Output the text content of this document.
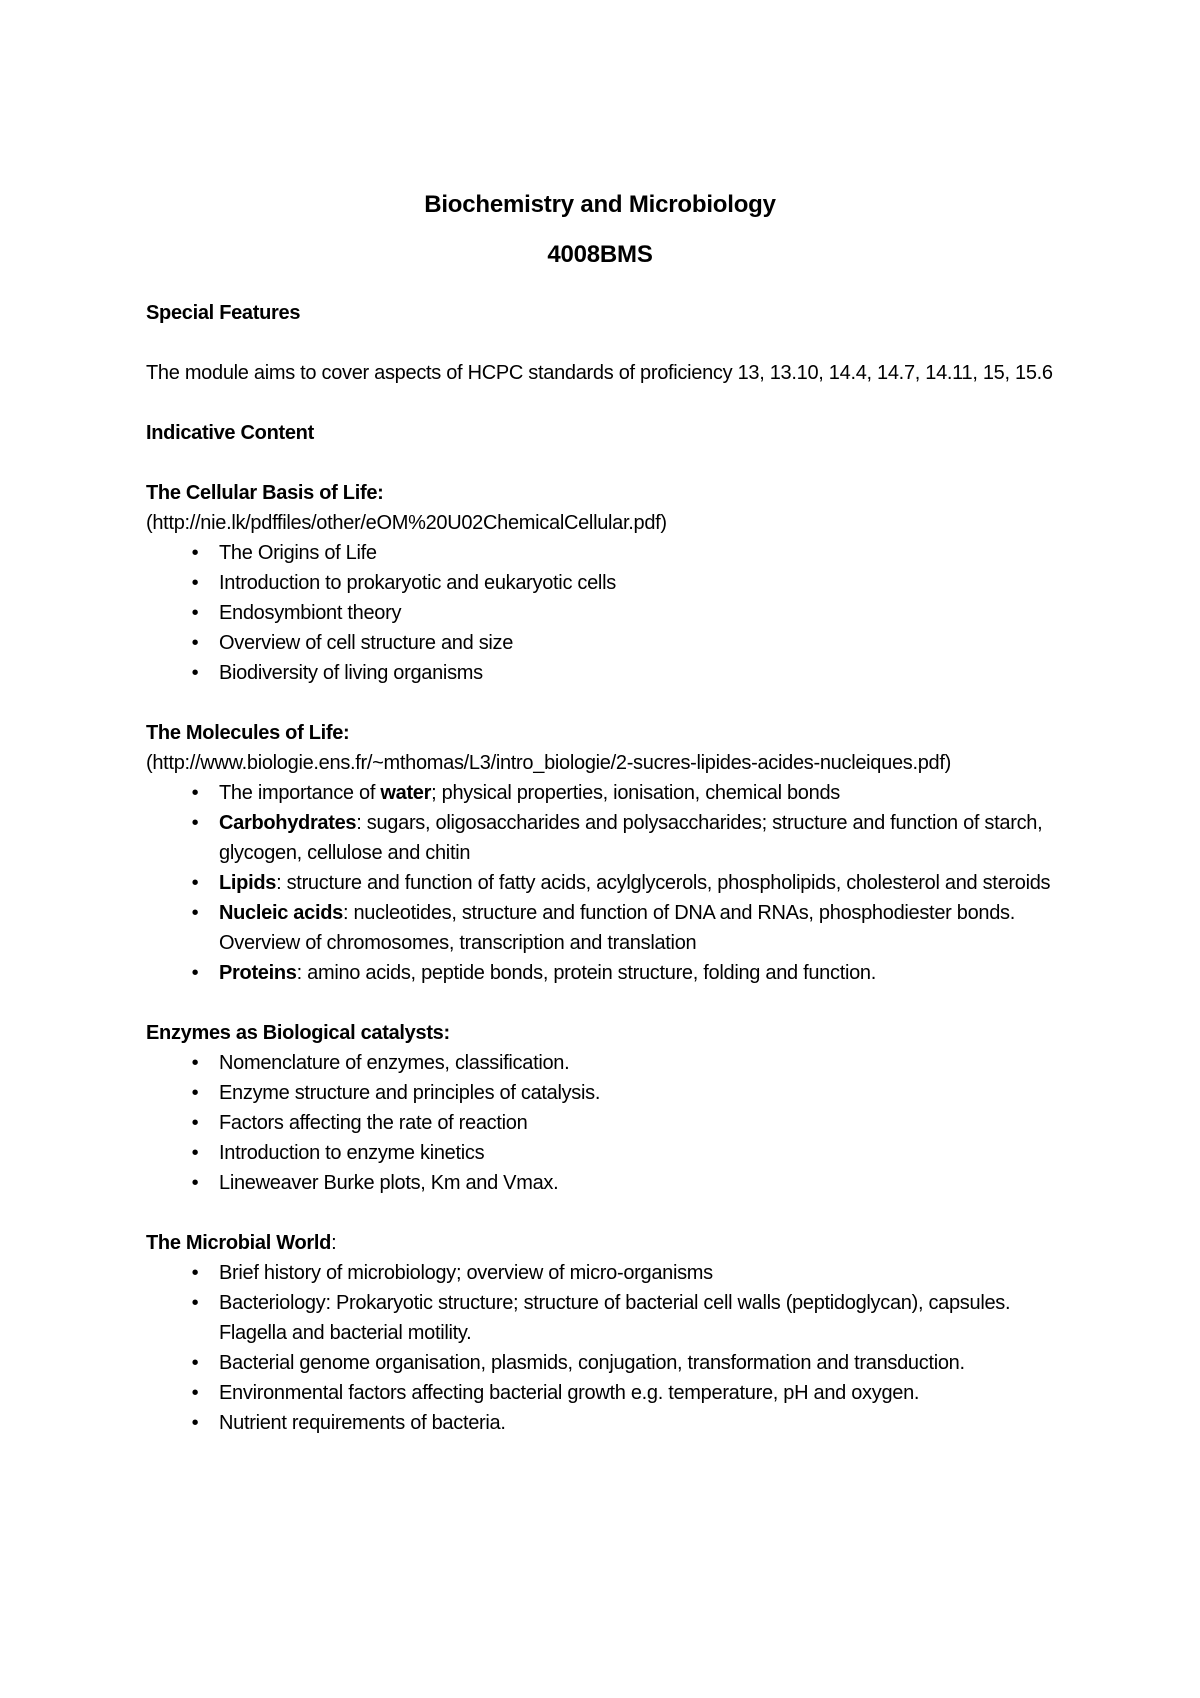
Biochemistry and Microbiology
4008BMS

Special Features

The module aims to cover aspects of HCPC standards of proficiency 13, 13.10, 14.4, 14.7, 14.11, 15, 15.6

Indicative Content

The Cellular Basis of Life:

(http://nie.lk/pdffiles/other/eOM%20U02ChemicalCellular.pdf)

• The Origins of Life
• Introduction to prokaryotic and eukaryotic cells
• Endosymbiont theory
• Overview of cell structure and size
• Biodiversity of living organisms

The Molecules of Life:

(http://www.biologie.ens.fr/~mthomas/L3/intro_biologie/2-sucres-lipides-acides-nucleiques.pdf)

• The importance of water; physical properties, ionisation, chemical bonds
• Carbohydrates: sugars, oligosaccharides and polysaccharides; structure and function of starch, glycogen, cellulose and chitin
• Lipids: structure and function of fatty acids, acylglycerols, phospholipids, cholesterol and steroids
• Nucleic acids: nucleotides, structure and function of DNA and RNAs, phosphodiester bonds. Overview of chromosomes, transcription and translation
• Proteins: amino acids, peptide bonds, protein structure, folding and function.

Enzymes as Biological catalysts:

• Nomenclature of enzymes, classification.
• Enzyme structure and principles of catalysis.
• Factors affecting the rate of reaction
• Introduction to enzyme kinetics
• Lineweaver Burke plots, Km and Vmax.

The Microbial World:

• Brief history of microbiology; overview of micro-organisms
• Bacteriology: Prokaryotic structure; structure of bacterial cell walls (peptidoglycan), capsules. Flagella and bacterial motility.
• Bacterial genome organisation, plasmids, conjugation, transformation and transduction.
• Environmental factors affecting bacterial growth e.g. temperature, pH and oxygen.
• Nutrient requirements of bacteria.
